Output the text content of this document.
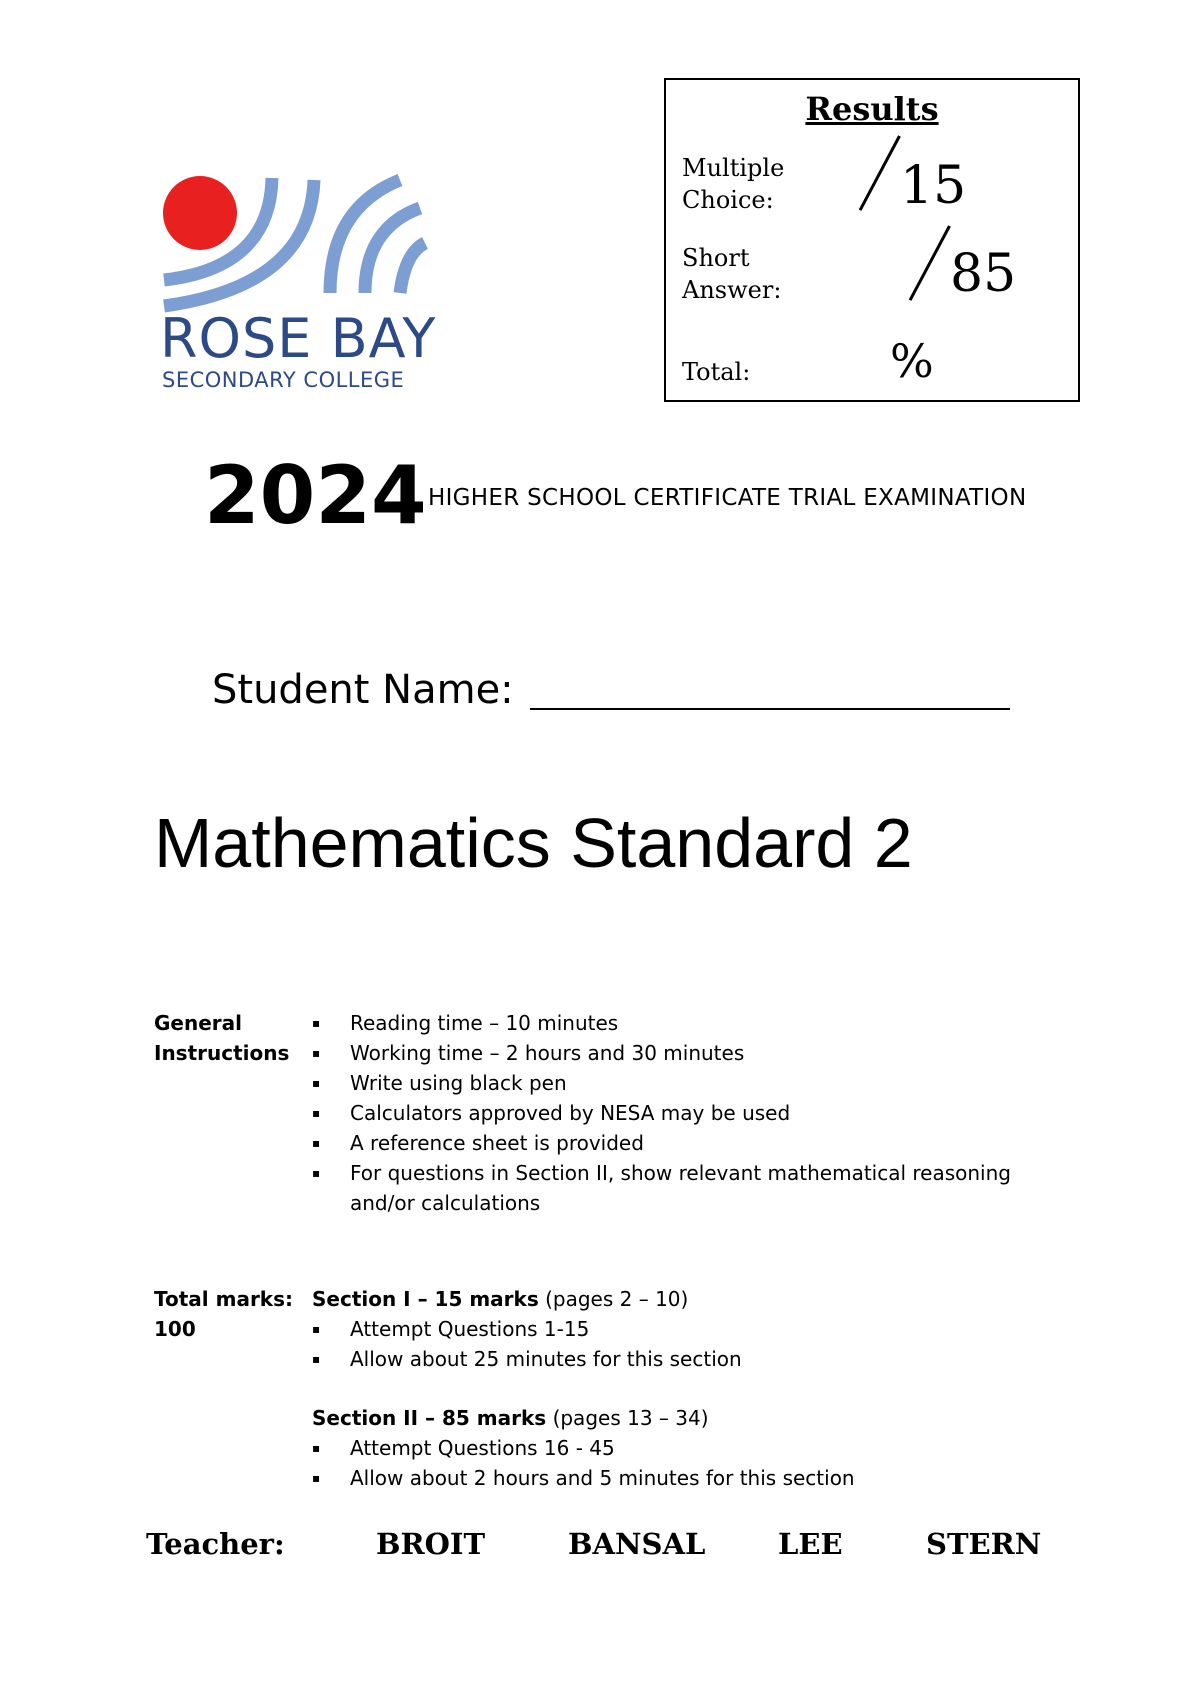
ROSE BAY
SECONDARY COLLEGE
Results
Multiple
Choice: 15
Short
Answer:	85
Total:	%
2024 HIGHER SCHOOL CERTIFICATE TRIAL EXAMINATION
Student Name:
Mathematics Standard 2
General
Instructions
▪ Reading time – 10 minutes
▪ Working time – 2 hours and 30 minutes
▪ Write using black pen
▪ Calculators approved by NESA may be used
▪ A reference sheet is provided
▪ For questions in Section II, show relevant mathematical reasoning and/or calculations
Total marks:
100
Section I – 15 marks (pages 2 – 10)
▪ Attempt Questions 1-15
▪ Allow about 25 minutes for this section
Section II – 85 marks (pages 13 – 34)
▪ Attempt Questions 16 - 45
▪ Allow about 2 hours and 5 minutes for this section
Teacher:	BROIT	BANSAL	LEE	STERN
